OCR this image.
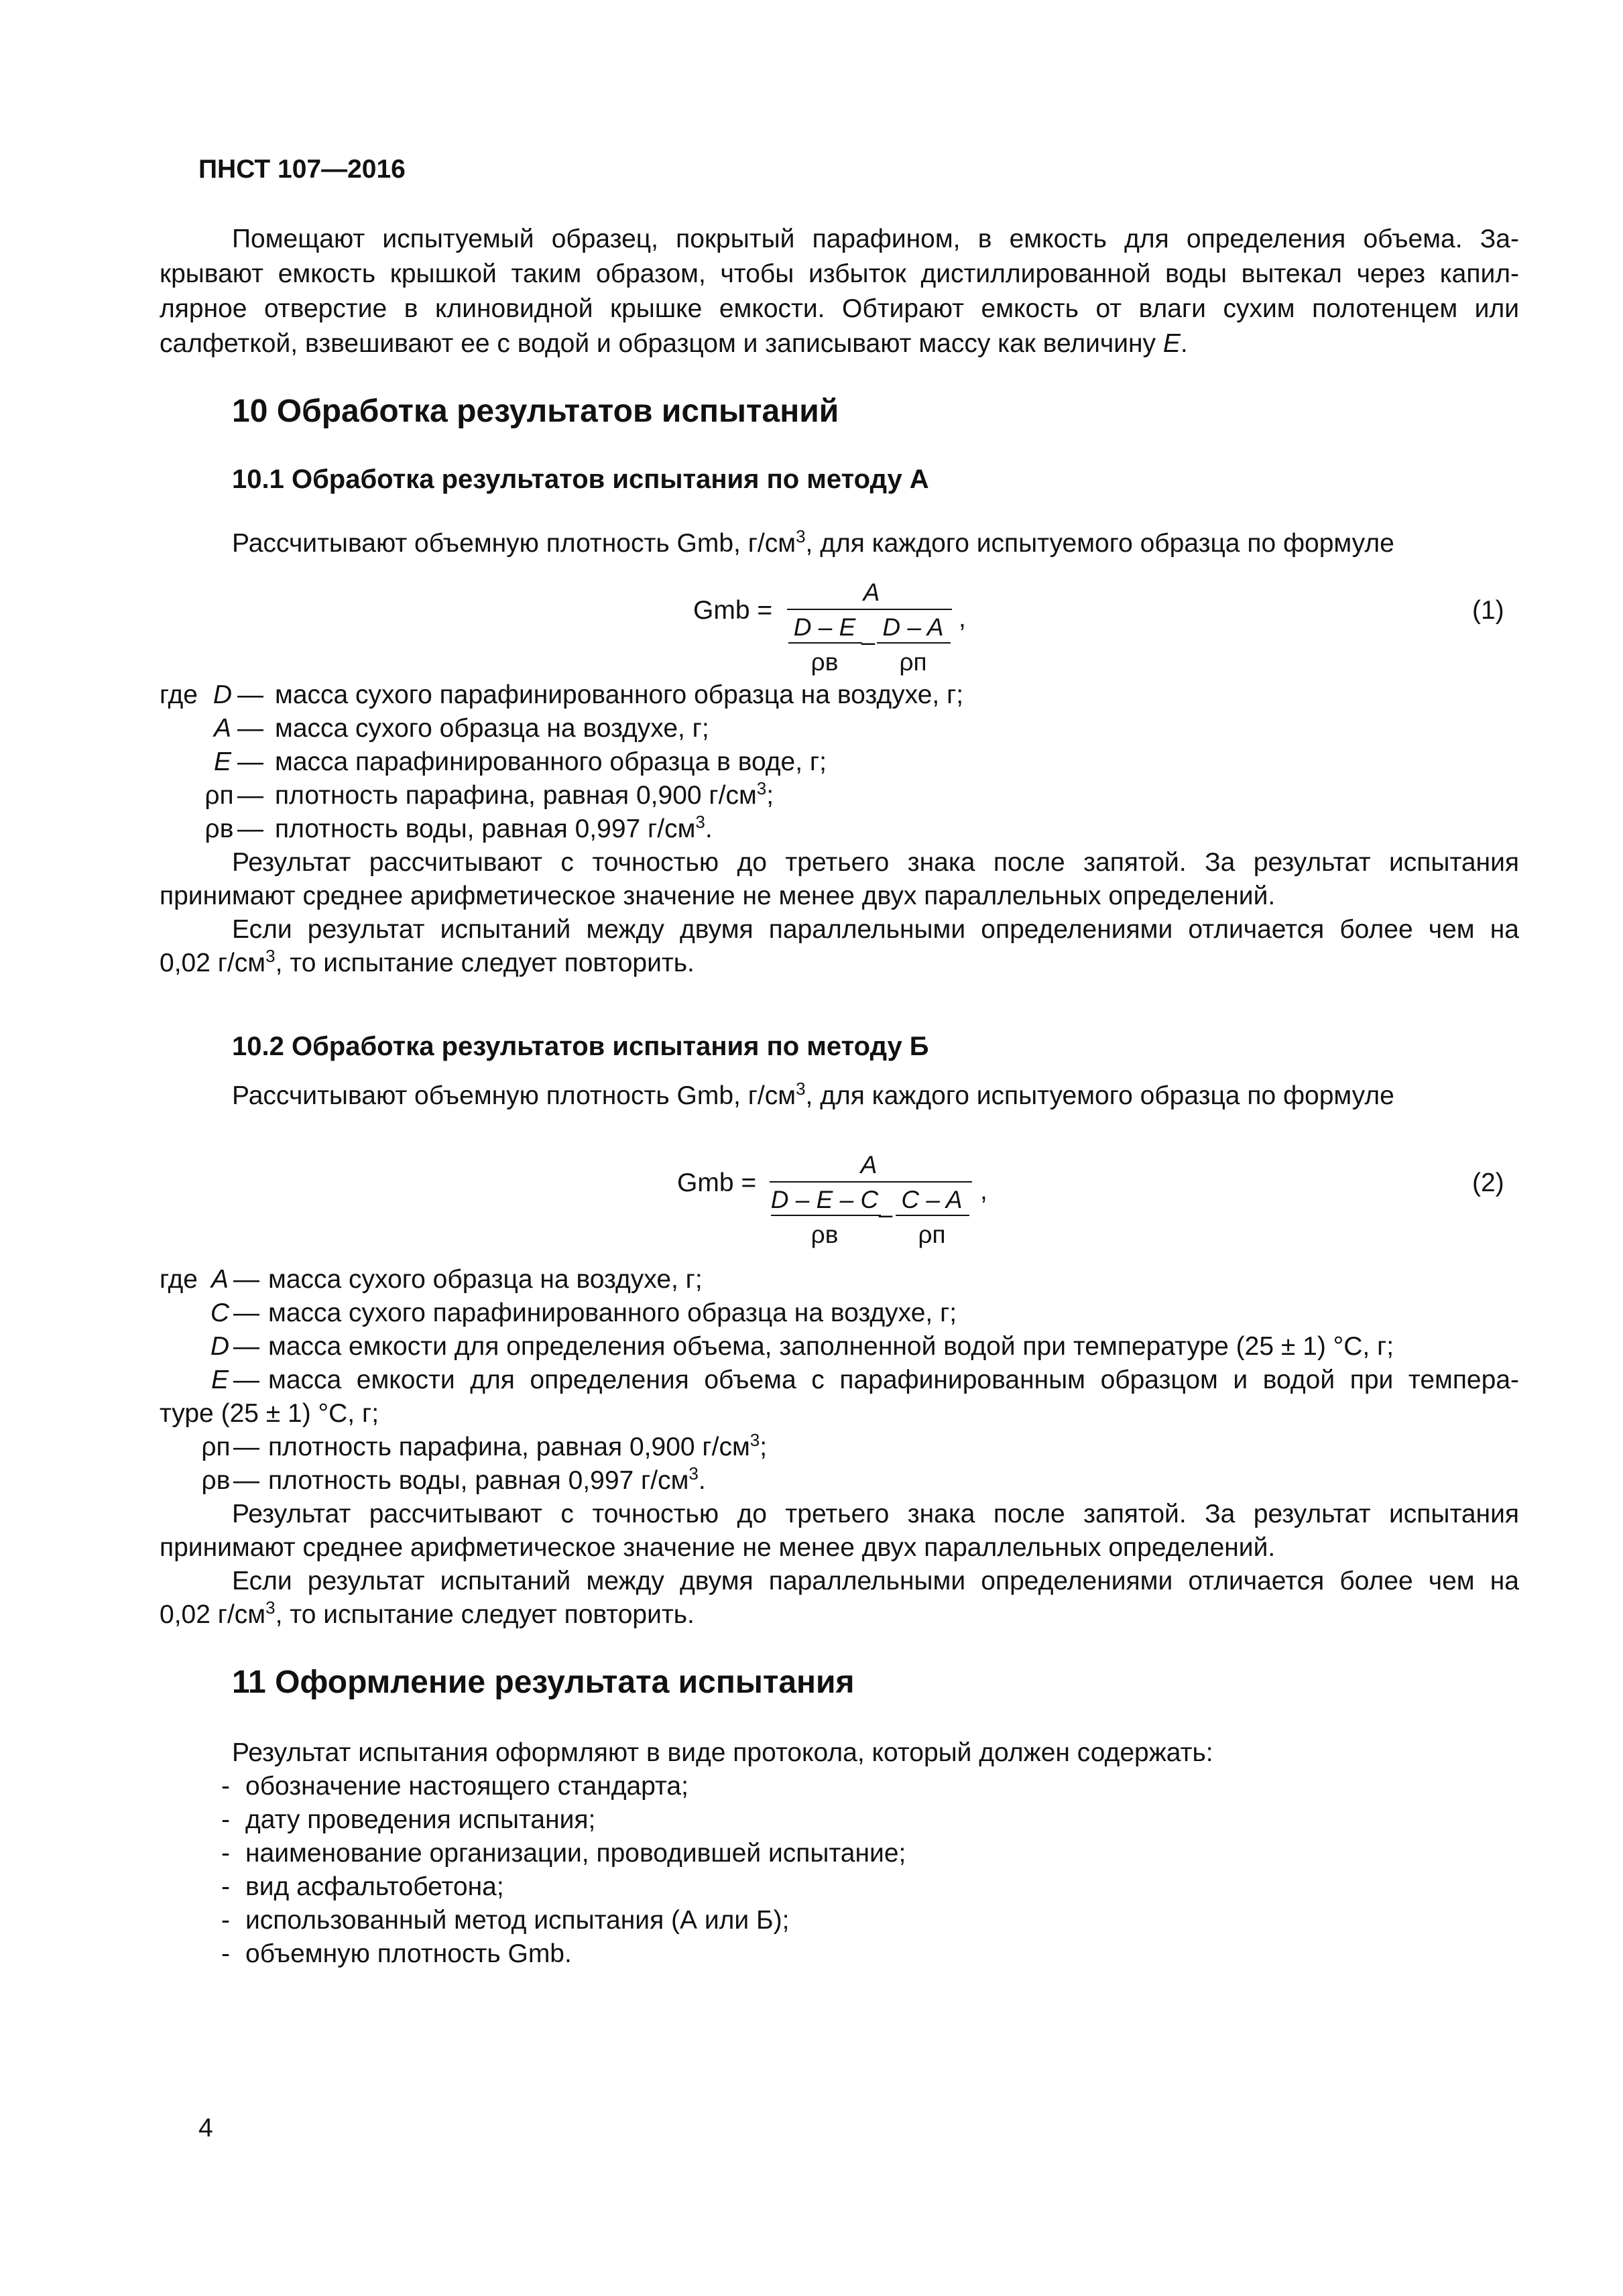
ПНСТ 107—2016
Помещают испытуемый образец, покрытый парафином, в емкость для определения объема. За-
крывают емкость крышкой таким образом, чтобы избыток дистиллированной воды вытекал через капил-
лярное отверстие в клиновидной крышке емкости. Обтирают емкость от влаги сухим полотенцем или
салфеткой, взвешивают ее с водой и образцом и записывают массу как величину E.
10 Обработка результатов испытаний
10.1 Обработка результатов испытания по методу А
Рассчитывают объемную плотность Gmb, $г/см^3$, для каждого испытуемого образца по формуле
Gmb =
A
D – E
ρв
–
D – A
ρп
,	(1)
где D — масса сухого парафинированного образца на воздухе, г;
A — масса сухого образца на воздухе, г;
E — масса парафинированного образца в воде, г;
ρп — плотность парафина, равная 0,900 $г/см^3$;
ρв — плотность воды, равная 0,997 $г/см^3$.
Результат рассчитывают с точностью до третьего знака после запятой. За результат испытания
принимают среднее арифметическое значение не менее двух параллельных определений.
Если результат испытаний между двумя параллельными определениями отличается более чем на
0,02 $г/см^3$, то испытание следует повторить.
10.2 Обработка результатов испытания по методу Б
Рассчитывают объемную плотность Gmb, $г/см^3$, для каждого испытуемого образца по формуле
Gmb =
A
D – E – C
ρв
–
C – A
ρп
,	(2)
где A — масса сухого образца на воздухе, г;
C — масса сухого парафинированного образца на воздухе, г;
D — масса емкости для определения объема, заполненной водой при температуре (25 ± 1) °С, г;
E — масса емкости для определения объема с парафинированным образцом и водой при темпера-
туре (25 ± 1) °С, г;
ρп — плотность парафина, равная 0,900 $г/см^3$;
ρв — плотность воды, равная 0,997 $г/см^3$.
Результат рассчитывают с точностью до третьего знака после запятой. За результат испытания
принимают среднее арифметическое значение не менее двух параллельных определений.
Если результат испытаний между двумя параллельными определениями отличается более чем на
0,02 $г/см^3$, то испытание следует повторить.
11 Оформление результата испытания
Результат испытания оформляют в виде протокола, который должен содержать:
- обозначение настоящего стандарта;
- дату проведения испытания;
- наименование организации, проводившей испытание;
- вид асфальтобетона;
- использованный метод испытания (А или Б);
- объемную плотность Gmb.
4
